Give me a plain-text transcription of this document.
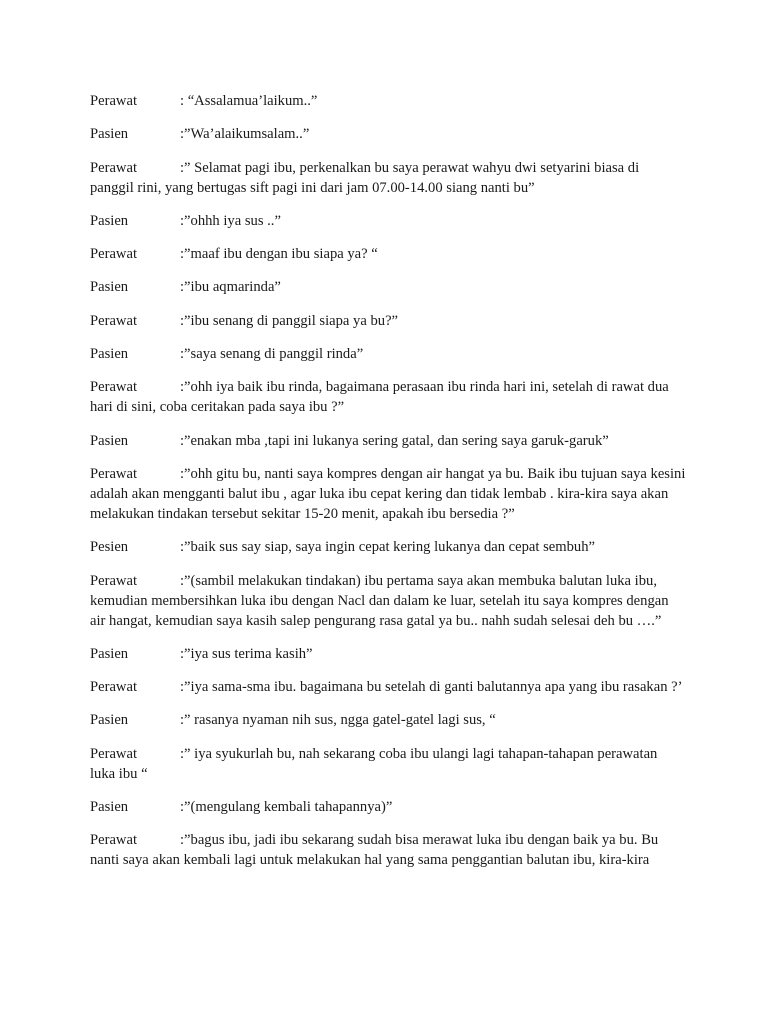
Perawat	: “Assalamua’laikum..”

Pasien	:”Wa’alaikumsalam..”

Perawat	:” Selamat pagi ibu, perkenalkan bu saya perawat wahyu dwi setyarini biasa di panggil rini, yang bertugas sift pagi ini dari jam 07.00-14.00 siang nanti bu”

Pasien	:”ohhh iya sus ..”

Perawat	:”maaf ibu dengan ibu siapa ya? “

Pasien	:”ibu aqmarinda”

Perawat	:”ibu senang di panggil siapa ya bu?”

Pasien	:”saya senang di panggil rinda”

Perawat	:”ohh iya baik ibu rinda, bagaimana perasaan ibu rinda hari ini, setelah di rawat dua hari di sini, coba ceritakan pada saya ibu ?”

Pasien	:”enakan mba ,tapi ini lukanya sering gatal, dan sering saya garuk-garuk”

Perawat	:”ohh gitu bu, nanti saya kompres dengan air hangat ya bu. Baik ibu tujuan saya kesini adalah akan mengganti balut ibu , agar luka ibu cepat kering dan tidak lembab . kira-kira saya akan melakukan tindakan tersebut sekitar 15-20 menit, apakah ibu bersedia ?”

Pesien	:”baik sus say siap, saya ingin cepat kering lukanya dan cepat sembuh”

Perawat	:”(sambil melakukan tindakan) ibu pertama saya akan membuka balutan luka ibu, kemudian membersihkan luka ibu dengan Nacl dan dalam ke luar, setelah itu saya kompres dengan air hangat, kemudian saya kasih salep pengurang rasa gatal ya bu.. nahh sudah selesai deh bu ….”

Pasien	:”iya sus terima kasih”

Perawat	:”iya sama-sma ibu. bagaimana bu setelah di ganti balutannya apa yang ibu rasakan ?’

Pasien	:” rasanya nyaman nih sus, ngga gatel-gatel lagi sus, “

Perawat	:” iya syukurlah bu, nah sekarang coba ibu ulangi lagi tahapan-tahapan perawatan luka ibu “

Pasien	:”(mengulang kembali tahapannya)”

Perawat	:”bagus ibu, jadi ibu sekarang sudah bisa merawat luka ibu dengan baik ya bu. Bu nanti saya akan kembali lagi untuk melakukan hal yang sama penggantian balutan ibu, kira-kira
